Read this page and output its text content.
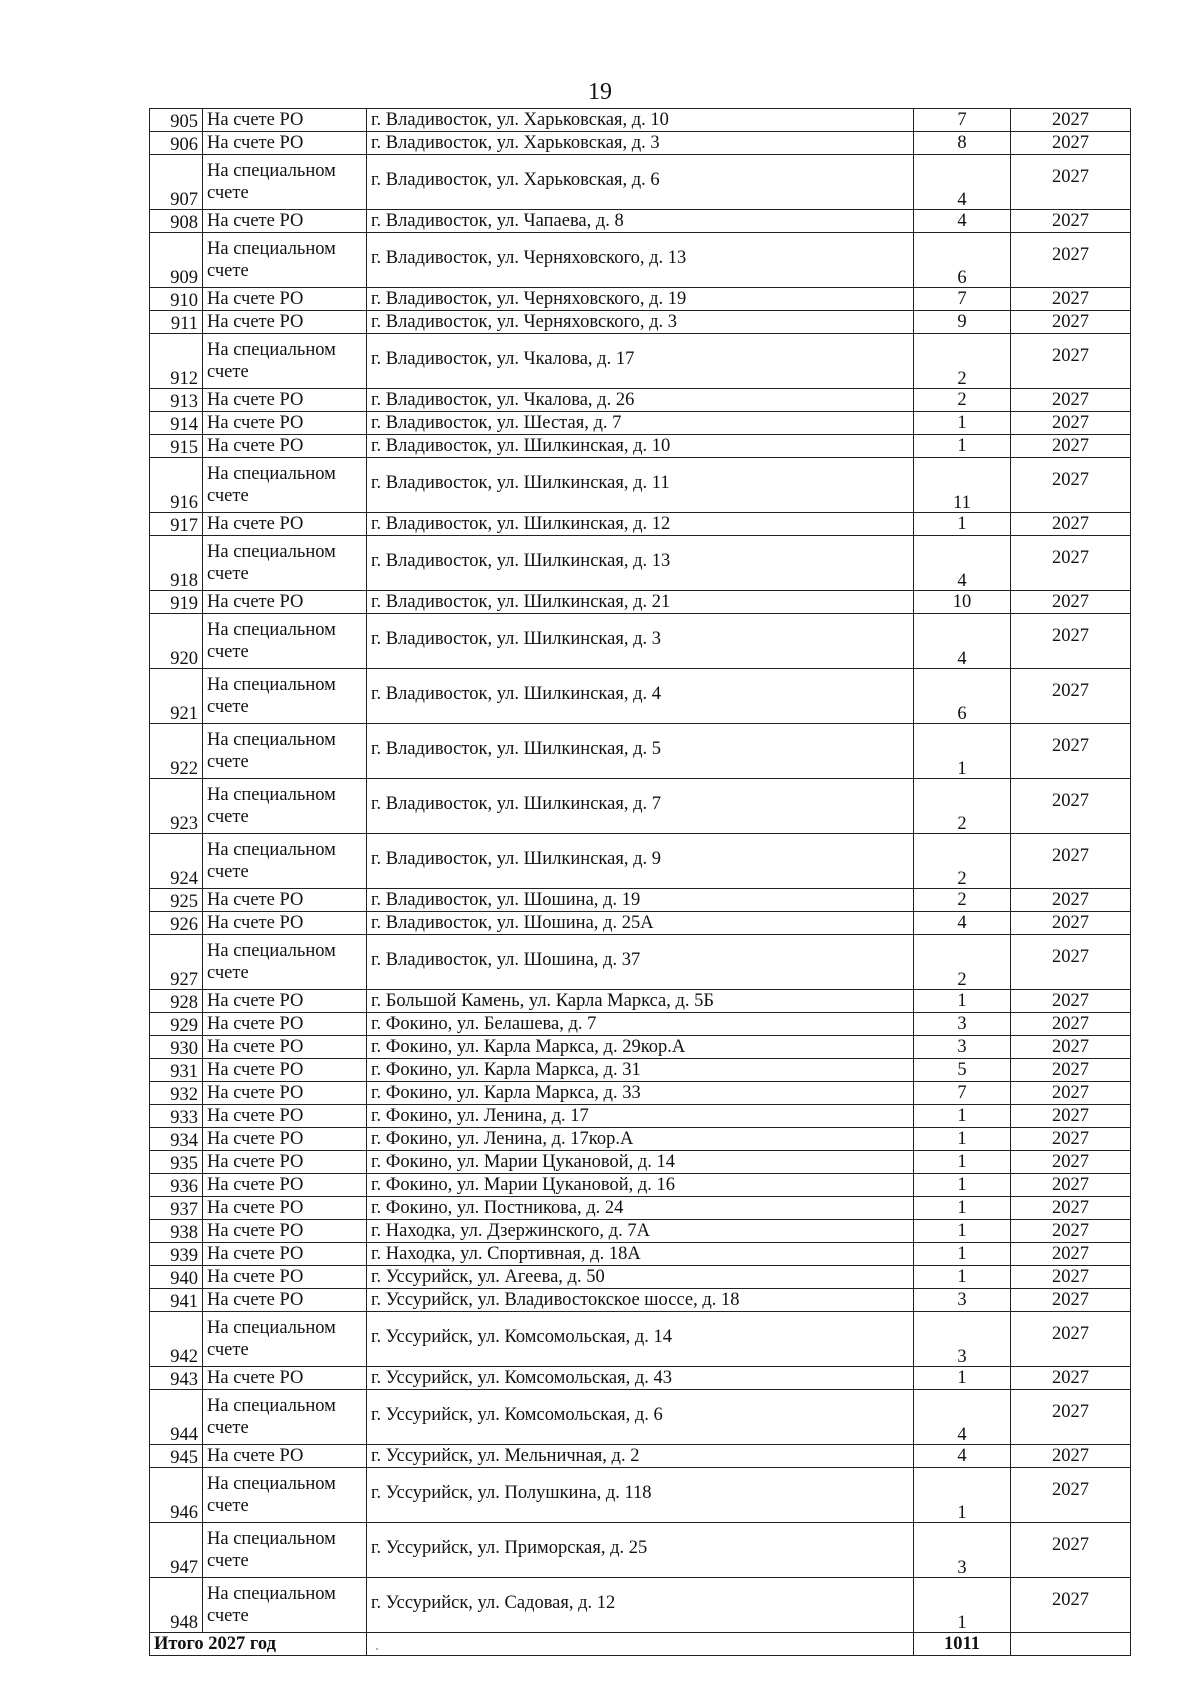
19
905	На счете РО	г. Владивосток, ул. Харьковская, д. 10	7	2027
906	На счете РО	г. Владивосток, ул. Харьковская, д. 3	8	2027
907	На специальном счете	г. Владивосток, ул. Харьковская, д. 6	4	2027
908	На счете РО	г. Владивосток, ул. Чапаева, д. 8	4	2027
909	На специальном счете	г. Владивосток, ул. Черняховского, д. 13	6	2027
910	На счете РО	г. Владивосток, ул. Черняховского, д. 19	7	2027
911	На счете РО	г. Владивосток, ул. Черняховского, д. 3	9	2027
912	На специальном счете	г. Владивосток, ул. Чкалова, д. 17	2	2027
913	На счете РО	г. Владивосток, ул. Чкалова, д. 26	2	2027
914	На счете РО	г. Владивосток, ул. Шестая, д. 7	1	2027
915	На счете РО	г. Владивосток, ул. Шилкинская, д. 10	1	2027
916	На специальном счете	г. Владивосток, ул. Шилкинская, д. 11	11	2027
917	На счете РО	г. Владивосток, ул. Шилкинская, д. 12	1	2027
918	На специальном счете	г. Владивосток, ул. Шилкинская, д. 13	4	2027
919	На счете РО	г. Владивосток, ул. Шилкинская, д. 21	10	2027
920	На специальном счете	г. Владивосток, ул. Шилкинская, д. 3	4	2027
921	На специальном счете	г. Владивосток, ул. Шилкинская, д. 4	6	2027
922	На специальном счете	г. Владивосток, ул. Шилкинская, д. 5	1	2027
923	На специальном счете	г. Владивосток, ул. Шилкинская, д. 7	2	2027
924	На специальном счете	г. Владивосток, ул. Шилкинская, д. 9	2	2027
925	На счете РО	г. Владивосток, ул. Шошина, д. 19	2	2027
926	На счете РО	г. Владивосток, ул. Шошина, д. 25А	4	2027
927	На специальном счете	г. Владивосток, ул. Шошина, д. 37	2	2027
928	На счете РО	г. Большой Камень, ул. Карла Маркса, д. 5Б	1	2027
929	На счете РО	г. Фокино, ул. Белашева, д. 7	3	2027
930	На счете РО	г. Фокино, ул. Карла Маркса, д. 29кор.А	3	2027
931	На счете РО	г. Фокино, ул. Карла Маркса, д. 31	5	2027
932	На счете РО	г. Фокино, ул. Карла Маркса, д. 33	7	2027
933	На счете РО	г. Фокино, ул. Ленина, д. 17	1	2027
934	На счете РО	г. Фокино, ул. Ленина, д. 17кор.А	1	2027
935	На счете РО	г. Фокино, ул. Марии Цукановой, д. 14	1	2027
936	На счете РО	г. Фокино, ул. Марии Цукановой, д. 16	1	2027
937	На счете РО	г. Фокино, ул. Постникова, д. 24	1	2027
938	На счете РО	г. Находка, ул. Дзержинского, д. 7А	1	2027
939	На счете РО	г. Находка, ул. Спортивная, д. 18А	1	2027
940	На счете РО	г. Уссурийск, ул. Агеева, д. 50	1	2027
941	На счете РО	г. Уссурийск, ул. Владивостокское шоссе, д. 18	3	2027
942	На специальном счете	г. Уссурийск, ул. Комсомольская, д. 14	3	2027
943	На счете РО	г. Уссурийск, ул. Комсомольская, д. 43	1	2027
944	На специальном счете	г. Уссурийск, ул. Комсомольская, д. 6	4	2027
945	На счете РО	г. Уссурийск, ул. Мельничная, д. 2	4	2027
946	На специальном счете	г. Уссурийск, ул. Полушкина, д. 118	1	2027
947	На специальном счете	г. Уссурийск, ул. Приморская, д. 25	3	2027
948	На специальном счете	г. Уссурийск, ул. Садовая, д. 12	1	2027
Итого 2027 год			1011	
